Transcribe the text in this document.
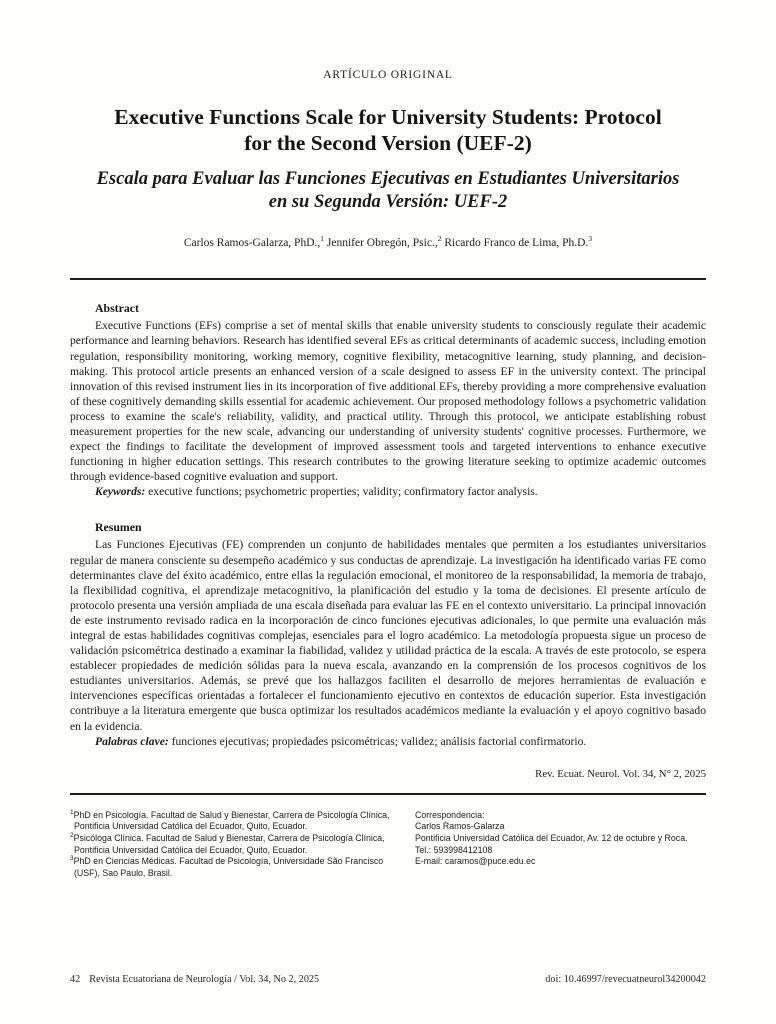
ARTÍCULO ORIGINAL
Executive Functions Scale for University Students: Protocol
for the Second Version (UEF-2)
Escala para Evaluar las Funciones Ejecutivas en Estudiantes Universitarios
en su Segunda Versión: UEF-2
Carlos Ramos-Galarza, PhD.,$^1$ Jennifer Obregón, Psic.,$^2$ Ricardo Franco de Lima, Ph.D.$^3$
Abstract

Executive Functions (EFs) comprise a set of mental skills that enable university students to consciously regulate their academic performance and learning behaviors. Research has identified several EFs as critical determinants of academic success, including emotion regulation, responsibility monitoring, working memory, cognitive flexibility, metacognitive learning, study planning, and decision-making. This protocol article presents an enhanced version of a scale designed to assess EF in the university context. The principal innovation of this revised instrument lies in its incorporation of five additional EFs, thereby providing a more comprehensive evaluation of these cognitively demanding skills essential for academic achievement. Our proposed methodology follows a psychometric validation process to examine the scale's reliability, validity, and practical utility. Through this protocol, we anticipate establishing robust measurement properties for the new scale, advancing our understanding of university students' cognitive processes. Furthermore, we expect the findings to facilitate the development of improved assessment tools and targeted interventions to enhance executive functioning in higher education settings. This research contributes to the growing literature seeking to optimize academic outcomes through evidence-based cognitive evaluation and support.

Keywords: executive functions; psychometric properties; validity; confirmatory factor analysis.

Resumen

Las Funciones Ejecutivas (FE) comprenden un conjunto de habilidades mentales que permiten a los estudiantes universitarios regular de manera consciente su desempeño académico y sus conductas de aprendizaje. La investigación ha identificado varias FE como determinantes clave del éxito académico, entre ellas la regulación emocional, el monitoreo de la responsabilidad, la memoria de trabajo, la flexibilidad cognitiva, el aprendizaje metacognitivo, la planificación del estudio y la toma de decisiones. El presente artículo de protocolo presenta una versión ampliada de una escala diseñada para evaluar las FE en el contexto universitario. La principal innovación de este instrumento revisado radica en la incorporación de cinco funciones ejecutivas adicionales, lo que permite una evaluación más integral de estas habilidades cognitivas complejas, esenciales para el logro académico. La metodología propuesta sigue un proceso de validación psicométrica destinado a examinar la fiabilidad, validez y utilidad práctica de la escala. A través de este protocolo, se espera establecer propiedades de medición sólidas para la nueva escala, avanzando en la comprensión de los procesos cognitivos de los estudiantes universitarios. Además, se prevé que los hallazgos faciliten el desarrollo de mejores herramientas de evaluación e intervenciones específicas orientadas a fortalecer el funcionamiento ejecutivo en contextos de educación superior. Esta investigación contribuye a la literatura emergente que busca optimizar los resultados académicos mediante la evaluación y el apoyo cognitivo basado en la evidencia.

Palabras clave: funciones ejecutivas; propiedades psicométricas; validez; análisis factorial confirmatorio.

Rev. Ecuat. Neurol. Vol. 34, N° 2, 2025
$^1$PhD en Psicología. Facultad de Salud y Bienestar, Carrera de Psicología Clínica, Pontificia Universidad Católica del Ecuador, Quito, Ecuador.
$^2$Psicóloga Clínica. Facultad de Salud y Bienestar, Carrera de Psicología Clínica, Pontificia Universidad Católica del Ecuador, Quito, Ecuador.
$^3$PhD en Ciencias Médicas. Facultad de Psicología, Universidade São Francisco (USF), Sao Paulo, Brasil.
Correspondencia:
Carlos Ramos-Galarza
Pontificia Universidad Católica del Ecuador, Av. 12 de octubre y Roca.
Tel.: 593998412108
E-mail: caramos@puce.edu.ec
42 Revista Ecuatoriana de Neurología / Vol. 34, No 2, 2025	doi: 10.46997/revecuatneurol34200042
